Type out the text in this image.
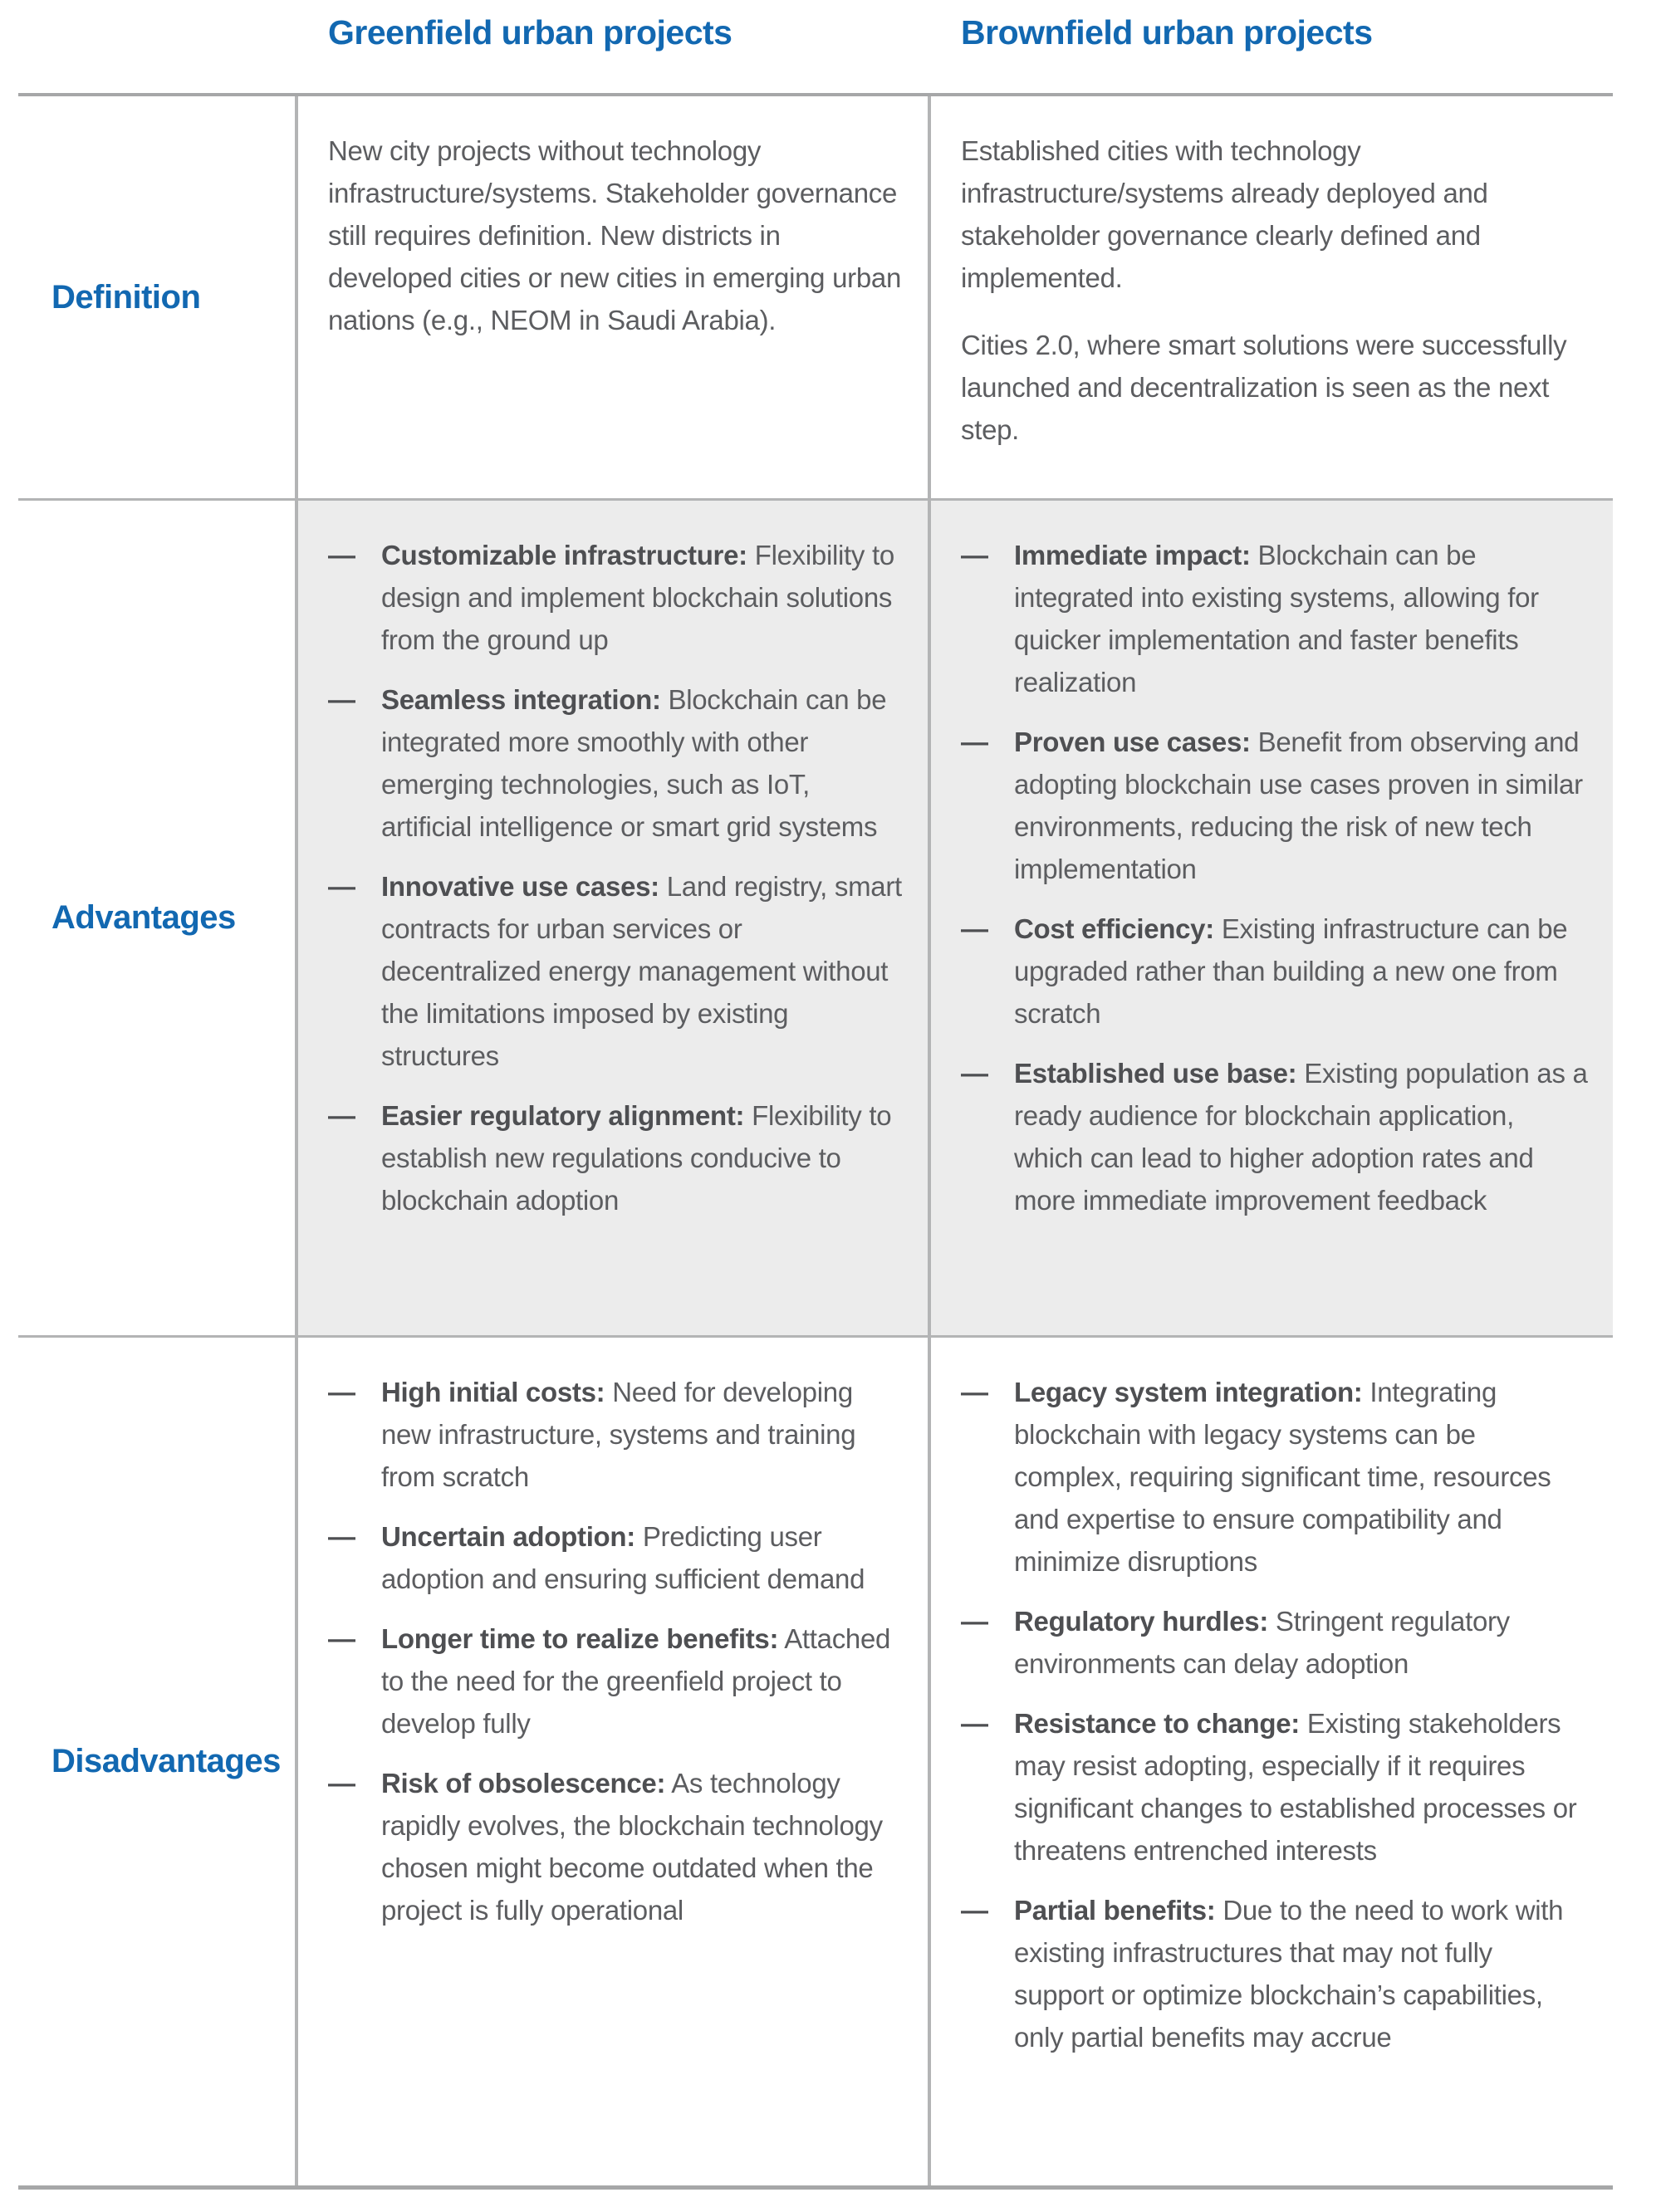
Greenfield urban projects	Brownfield urban projects
Definition

New city projects without technology infrastructure/systems. Stakeholder governance still requires definition. New districts in developed cities or new cities in emerging urban nations (e.g., NEOM in Saudi Arabia).

Established cities with technology infrastructure/systems already deployed and stakeholder governance clearly defined and implemented.

Cities 2.0, where smart solutions were successfully launched and decentralization is seen as the next step.

Advantages
— Customizable infrastructure: Flexibility to design and implement blockchain solutions from the ground up
— Seamless integration: Blockchain can be integrated more smoothly with other emerging technologies, such as IoT, artificial intelligence or smart grid systems
— Innovative use cases: Land registry, smart contracts for urban services or decentralized energy management without the limitations imposed by existing structures
— Easier regulatory alignment: Flexibility to establish new regulations conducive to blockchain adoption
— Immediate impact: Blockchain can be integrated into existing systems, allowing for quicker implementation and faster benefits realization
— Proven use cases: Benefit from observing and adopting blockchain use cases proven in similar environments, reducing the risk of new tech implementation
— Cost efficiency: Existing infrastructure can be upgraded rather than building a new one from scratch
— Established use base: Existing population as a ready audience for blockchain application, which can lead to higher adoption rates and more immediate improvement feedback
Disadvantages
— High initial costs: Need for developing new infrastructure, systems and training from scratch
— Uncertain adoption: Predicting user adoption and ensuring sufficient demand
— Longer time to realize benefits: Attached to the need for the greenfield project to develop fully
— Risk of obsolescence: As technology rapidly evolves, the blockchain technology chosen might become outdated when the project is fully operational
— Legacy system integration: Integrating blockchain with legacy systems can be complex, requiring significant time, resources and expertise to ensure compatibility and minimize disruptions
— Regulatory hurdles: Stringent regulatory environments can delay adoption
— Resistance to change: Existing stakeholders may resist adopting, especially if it requires significant changes to established processes or threatens entrenched interests
— Partial benefits: Due to the need to work with existing infrastructures that may not fully support or optimize blockchain’s capabilities, only partial benefits may accrue
